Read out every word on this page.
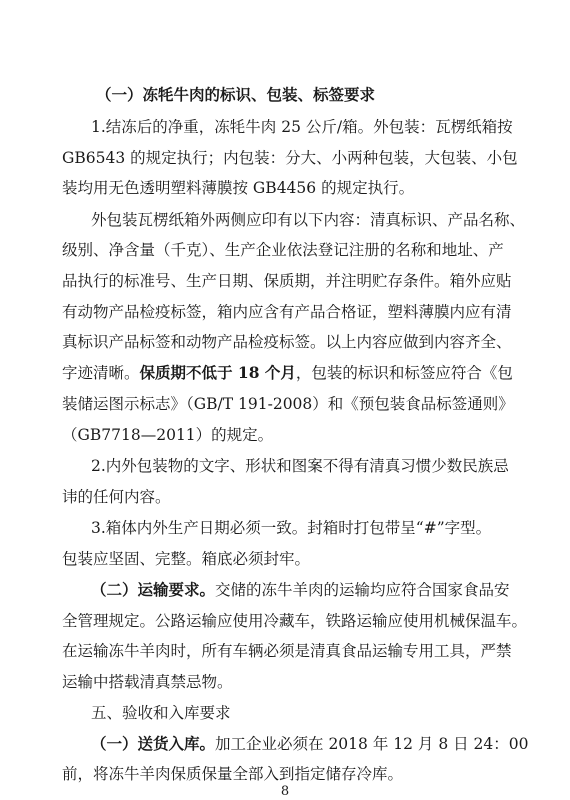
（一）冻牦牛肉的标识、包装、标签要求
1.结冻后的净重，冻牦牛肉 25 公斤/箱。外包装：瓦楞纸箱按
GB6543 的规定执行；内包装：分大、小两种包装，大包装、小包
装均用无色透明塑料薄膜按 GB4456 的规定执行。
外包装瓦楞纸箱外两侧应印有以下内容：清真标识、产品名称、
级别、净含量（千克）、生产企业依法登记注册的名称和地址、产
品执行的标准号、生产日期、保质期，并注明贮存条件。箱外应贴
有动物产品检疫标签，箱内应含有产品合格证，塑料薄膜内应有清
真标识产品标签和动物产品检疫标签。以上内容应做到内容齐全、
字迹清晰。保质期不低于 18 个月，包装的标识和标签应符合《包
装储运图示标志》（GB/T 191-2008）和《预包装食品标签通则》
（GB7718—2011）的规定。
2.内外包装物的文字、形状和图案不得有清真习惯少数民族忌
讳的任何内容。
3.箱体内外生产日期必须一致。封箱时打包带呈“#”字型。
包装应坚固、完整。箱底必须封牢。
（二）运输要求。交储的冻牛羊肉的运输均应符合国家食品安
全管理规定。公路运输应使用冷藏车，铁路运输应使用机械保温车。
在运输冻牛羊肉时，所有车辆必须是清真食品运输专用工具，严禁
运输中搭载清真禁忌物。
五、验收和入库要求
（一）送货入库。加工企业必须在 2018 年 12 月 8 日 24：00
前，将冻牛羊肉保质保量全部入到指定储存冷库。
8
